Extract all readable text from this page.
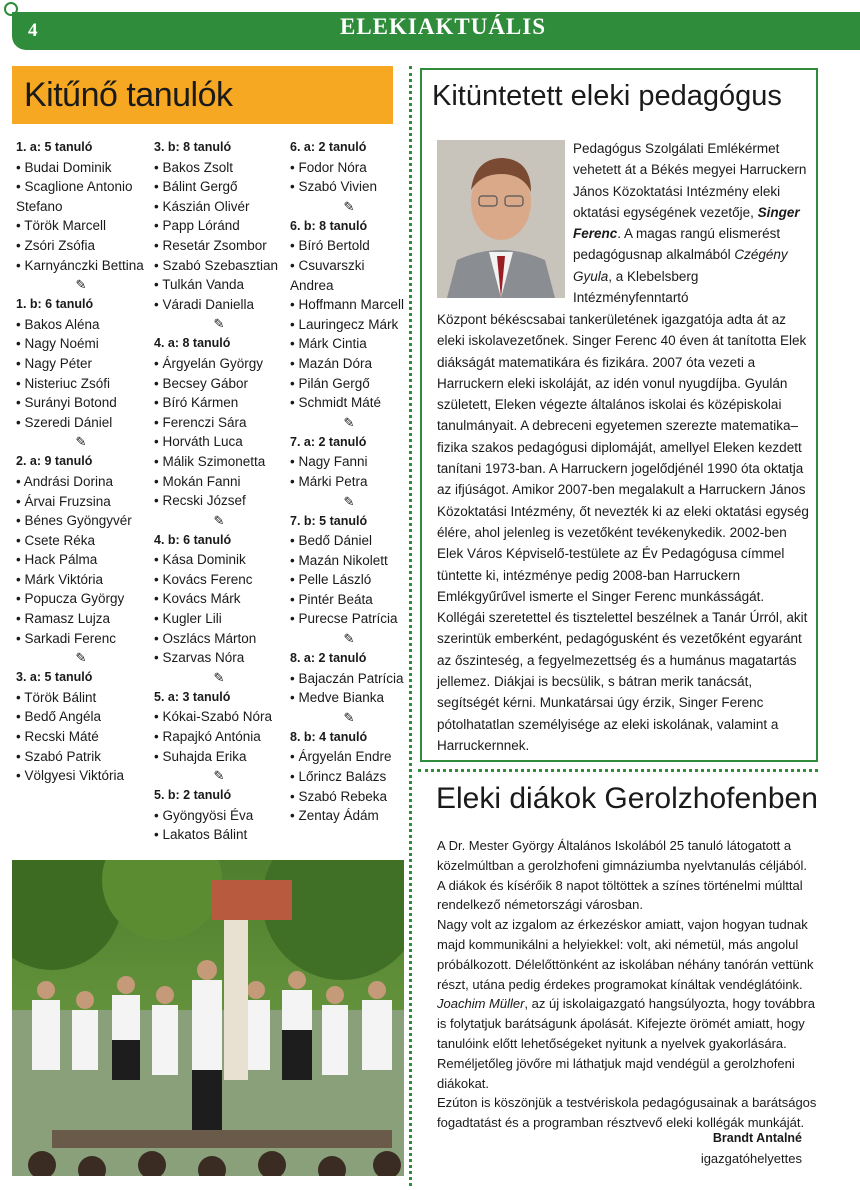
4	ELEKIAKTUÁLIS
Kitűnő tanulók
1. a: 5 tanuló
• Budai Dominik
• Scaglione Antonio Stefano
• Török Marcell
• Zsóri Zsófia
• Karnyánczki Bettina
✎
1. b: 6 tanuló
• Bakos Aléna
• Nagy Noémi
• Nagy Péter
• Nisteriuc Zsófi
• Surányi Botond
• Szeredi Dániel
✎
2. a: 9 tanuló
• Andrási Dorina
• Árvai Fruzsina
• Bénes Gyöngyvér
• Csete Réka
• Hack Pálma
• Márk Viktória
• Popucza György
• Ramasz Lujza
• Sarkadi Ferenc
✎
3. a: 5 tanuló
• Török Bálint
• Bedő Angéla
• Recski Máté
• Szabó Patrik
• Völgyesi Viktória
3. b: 8 tanuló
• Bakos Zsolt
• Bálint Gergő
• Kászián Olivér
• Papp Lóránd
• Resetár Zsombor
• Szabó Szebasztian
• Tulkán Vanda
• Váradi Daniella
✎
4. a: 8 tanuló
• Árgyelán György
• Becsey Gábor
• Bíró Kármen
• Ferenczi Sára
• Horváth Luca
• Málik Szimonetta
• Mokán Fanni
• Recski József
✎
4. b: 6 tanuló
• Kása Dominik
• Kovács Ferenc
• Kovács Márk
• Kugler Lili
• Oszlács Márton
• Szarvas Nóra
✎
5. a: 3 tanuló
• Kókai-Szabó Nóra
• Rapajkó Antónia
• Suhajda Erika
✎
5. b: 2 tanuló
• Gyöngyösi Éva
• Lakatos Bálint
6. a: 2 tanuló
• Fodor Nóra
• Szabó Vivien
✎
6. b: 8 tanuló
• Bíró Bertold
• Csuvarszki Andrea
• Hoffmann Marcell
• Lauringecz Márk
• Márk Cintia
• Mazán Dóra
• Pilán Gergő
• Schmidt Máté
✎
7. a: 2 tanuló
• Nagy Fanni
• Márki Petra
✎
7. b: 5 tanuló
• Bedő Dániel
• Mazán Nikolett
• Pelle László
• Pintér Beáta
• Purecse Patrícia
✎
8. a: 2 tanuló
• Bajaczán Patrícia
• Medve Bianka
✎
8. b: 4 tanuló
• Árgyelán Endre
• Lőrincz Balázs
• Szabó Rebeka
• Zentay Ádám
Kitüntetett eleki pedagógus
Pedagógus Szolgálati Emlékérmet vehetett át a Békés megyei Harruckern János Közoktatási Intézmény eleki oktatási egységének vezetője, Singer Ferenc. A magas rangú elismerést pedagógusnap alkalmából Czégény Gyula, a Klebelsberg Intézményfenntartó
Központ békéscsabai tankerületének igazgatója adta át az eleki iskolavezetőnek. Singer Ferenc 40 éven át tanította Elek diákságát matematikára és fizikára. 2007 óta vezeti a Harruckern eleki iskoláját, az idén vonul nyugdíjba. Gyulán született, Eleken végezte általános iskolai és középiskolai tanulmányait. A debreceni egyetemen szerezte matematika–fizika szakos pedagógusi diplomáját, amellyel Eleken kezdett tanítani 1973-ban. A Harruckern jogelődjénél 1990 óta oktatja az ifjúságot. Amikor 2007-ben megalakult a Harruckern János Közoktatási Intézmény, őt nevezték ki az eleki oktatási egység élére, ahol jelenleg is vezetőként tevékenykedik. 2002-ben Elek Város Képviselő-testülete az Év Pedagógusa címmel tüntette ki, intézménye pedig 2008-ban Harruckern Emlékgyűrűvel ismerte el Singer Ferenc munkásságát. Kollégái szeretettel és tisztelettel beszélnek a Tanár Úrról, akit szerintük emberként, pedagógusként és vezetőként egyaránt az őszinteség, a fegyelmezettség és a humánus magatartás jellemez. Diákjai is becsülik, s bátran merik tanácsát, segítségét kérni. Munkatársai úgy érzik, Singer Ferenc pótolhatatlan személyisége az eleki iskolának, valamint a Harruckernnek.
Eleki diákok Gerolzhofenben
A Dr. Mester György Általános Iskolából 25 tanuló látogatott a közelmúltban a gerolzhofeni gimnáziumba nyelvtanulás céljából. A diákok és kísérőik 8 napot töltöttek a színes történelmi múlttal rendelkező németországi városban.
Nagy volt az izgalom az érkezéskor amiatt, vajon hogyan tudnak majd kommunikálni a helyiekkel: volt, aki németül, más angolul próbálkozott. Délelőttönként az iskolában néhány tanórán vettünk részt, utána pedig érdekes programokat kínáltak vendéglátóink.
Joachim Müller, az új iskolaigazgató hangsúlyozta, hogy továbbra is folytatjuk barátságunk ápolását. Kifejezte örömét amiatt, hogy tanulóink előtt lehetőségeket nyitunk a nyelvek gyakorlására. Reméljetőleg jövőre mi láthatjuk majd vendégül a gerolzhofeni diákokat.
Ezúton is köszönjük a testvériskola pedagógusainak a barátságos fogadtatást és a programban résztvevő eleki kollégák munkáját.
Brandt Antalné
igazgatóhelyettes
